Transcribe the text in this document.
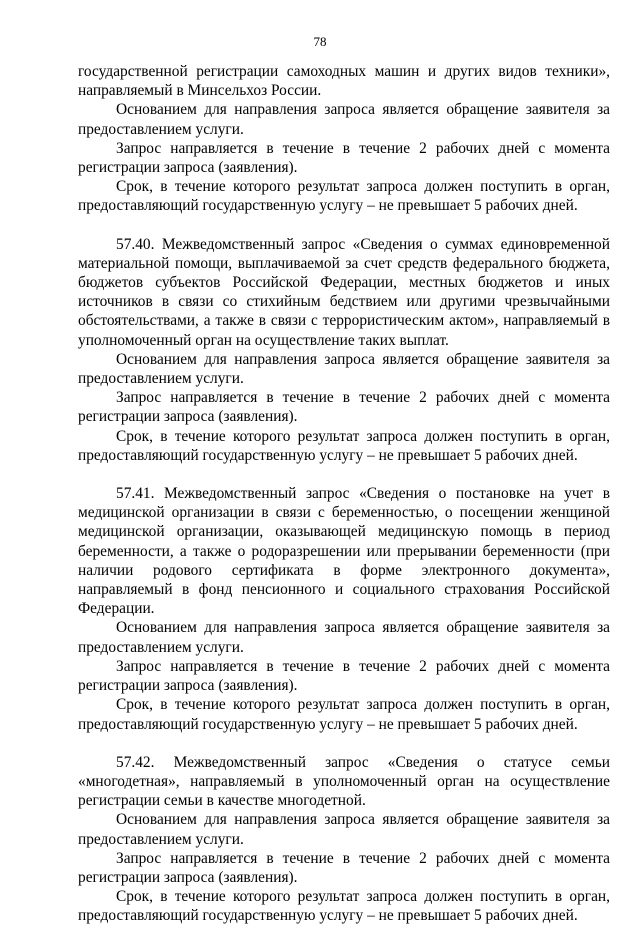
78

государственной регистрации самоходных машин и других видов техники», направляемый в Минсельхоз России.

Основанием для направления запроса является обращение заявителя за предоставлением услуги.

Запрос направляется в течение в течение 2 рабочих дней с момента регистрации запроса (заявления).

Срок, в течение которого результат запроса должен поступить в орган, предоставляющий государственную услугу – не превышает 5 рабочих дней.

57.40. Межведомственный запрос «Сведения о суммах единовременной материальной помощи, выплачиваемой за счет средств федерального бюджета, бюджетов субъектов Российской Федерации, местных бюджетов и иных источников в связи со стихийным бедствием или другими чрезвычайными обстоятельствами, а также в связи с террористическим актом», направляемый в уполномоченный орган на осуществление таких выплат.

Основанием для направления запроса является обращение заявителя за предоставлением услуги.

Запрос направляется в течение в течение 2 рабочих дней с момента регистрации запроса (заявления).

Срок, в течение которого результат запроса должен поступить в орган, предоставляющий государственную услугу – не превышает 5 рабочих дней.

57.41. Межведомственный запрос «Сведения о постановке на учет в медицинской организации в связи с беременностью, о посещении женщиной медицинской организации, оказывающей медицинскую помощь в период беременности, а также о родоразрешении или прерывании беременности (при наличии родового сертификата в форме электронного документа», направляемый в фонд пенсионного и социального страхования Российской Федерации.

Основанием для направления запроса является обращение заявителя за предоставлением услуги.

Запрос направляется в течение в течение 2 рабочих дней с момента регистрации запроса (заявления).

Срок, в течение которого результат запроса должен поступить в орган, предоставляющий государственную услугу – не превышает 5 рабочих дней.

57.42. Межведомственный запрос «Сведения о статусе семьи «многодетная», направляемый в уполномоченный орган на осуществление регистрации семьи в качестве многодетной.

Основанием для направления запроса является обращение заявителя за предоставлением услуги.

Запрос направляется в течение в течение 2 рабочих дней с момента регистрации запроса (заявления).

Срок, в течение которого результат запроса должен поступить в орган, предоставляющий государственную услугу – не превышает 5 рабочих дней.
